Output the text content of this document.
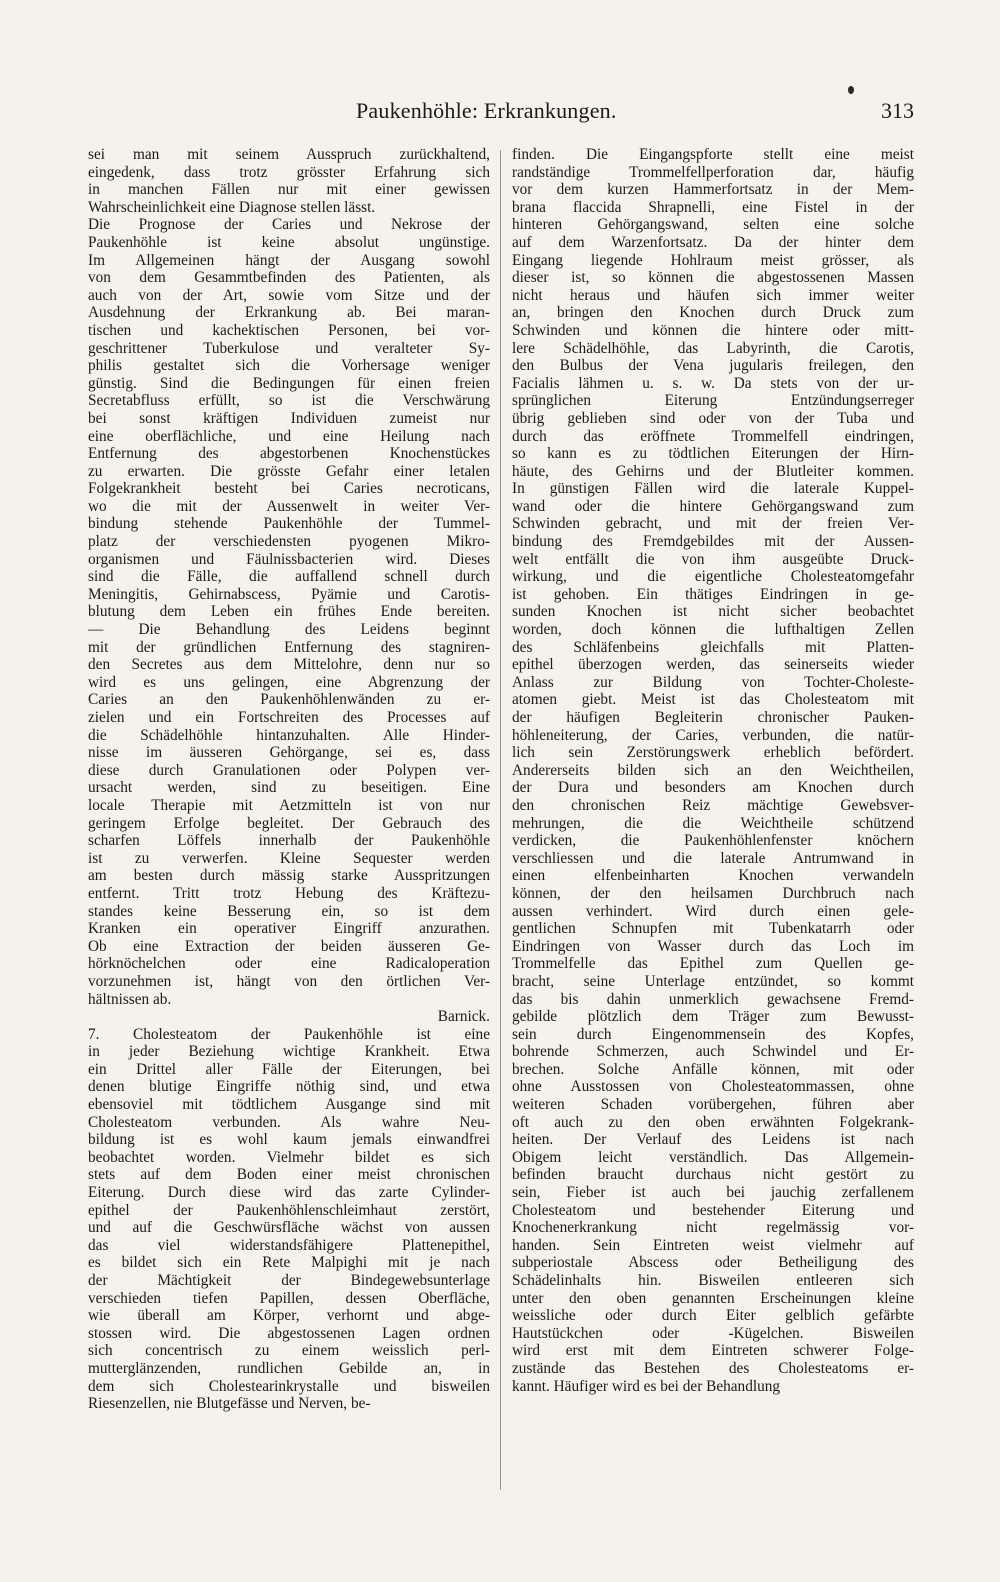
Paukenhöhle: Erkrankungen.	313
sei man mit seinem Ausspruch zurückhaltend,
eingedenk, dass trotz grösster Erfahrung sich
in manchen Fällen nur mit einer gewissen
Wahrscheinlichkeit eine Diagnose stellen lässt.
Die Prognose der Caries und Nekrose der
Paukenhöhle ist keine absolut ungünstige.
Im Allgemeinen hängt der Ausgang sowohl
von dem Gesammtbefinden des Patienten, als
auch von der Art, sowie vom Sitze und der
Ausdehnung der Erkrankung ab. Bei maran-
tischen und kachektischen Personen, bei vor-
geschrittener Tuberkulose und veralteter Sy-
philis gestaltet sich die Vorhersage weniger
günstig. Sind die Bedingungen für einen freien
Secretabfluss erfüllt, so ist die Verschwärung
bei sonst kräftigen Individuen zumeist nur
eine oberflächliche, und eine Heilung nach
Entfernung des abgestorbenen Knochenstückes
zu erwarten. Die grösste Gefahr einer letalen
Folgekrankheit besteht bei Caries necroticans,
wo die mit der Aussenwelt in weiter Ver-
bindung stehende Paukenhöhle der Tummel-
platz der verschiedensten pyogenen Mikro-
organismen und Fäulnissbacterien wird. Dieses
sind die Fälle, die auffallend schnell durch
Meningitis, Gehirnabscess, Pyämie und Carotis-
blutung dem Leben ein frühes Ende bereiten.
— Die Behandlung des Leidens beginnt
mit der gründlichen Entfernung des stagniren-
den Secretes aus dem Mittelohre, denn nur so
wird es uns gelingen, eine Abgrenzung der
Caries an den Paukenhöhlenwänden zu er-
zielen und ein Fortschreiten des Processes auf
die Schädelhöhle hintanzuhalten. Alle Hinder-
nisse im äusseren Gehörgange, sei es, dass
diese durch Granulationen oder Polypen ver-
ursacht werden, sind zu beseitigen. Eine
locale Therapie mit Aetzmitteln ist von nur
geringem Erfolge begleitet. Der Gebrauch des
scharfen Löffels innerhalb der Paukenhöhle
ist zu verwerfen. Kleine Sequester werden
am besten durch mässig starke Ausspritzungen
entfernt. Tritt trotz Hebung des Kräftezu-
standes keine Besserung ein, so ist dem
Kranken ein operativer Eingriff anzurathen.
Ob eine Extraction der beiden äusseren Ge-
hörknöchelchen oder eine Radicaloperation
vorzunehmen ist, hängt von den örtlichen Ver-
hältnissen ab.
Barnick.
7. Cholesteatom der Paukenhöhle ist eine
in jeder Beziehung wichtige Krankheit. Etwa
ein Drittel aller Fälle der Eiterungen, bei
denen blutige Eingriffe nöthig sind, und etwa
ebensoviel mit tödtlichem Ausgange sind mit
Cholesteatom verbunden. Als wahre Neu-
bildung ist es wohl kaum jemals einwandfrei
beobachtet worden. Vielmehr bildet es sich
stets auf dem Boden einer meist chronischen
Eiterung. Durch diese wird das zarte Cylinder-
epithel der Paukenhöhlenschleimhaut zerstört,
und auf die Geschwürsfläche wächst von aussen
das viel widerstandsfähigere Plattenepithel,
es bildet sich ein Rete Malpighi mit je nach
der Mächtigkeit der Bindegewebsunterlage
verschieden tiefen Papillen, dessen Oberfläche,
wie überall am Körper, verhornt und abge-
stossen wird. Die abgestossenen Lagen ordnen
sich concentrisch zu einem weisslich perl-
mutterglänzenden, rundlichen Gebilde an, in
dem sich Cholestearinkrystalle und bisweilen
Riesenzellen, nie Blutgefässe und Nerven, be-
finden. Die Eingangspforte stellt eine meist
randständige Trommelfellperforation dar, häufig
vor dem kurzen Hammerfortsatz in der Mem-
brana flaccida Shrapnelli, eine Fistel in der
hinteren Gehörgangswand, selten eine solche
auf dem Warzenfortsatz. Da der hinter dem
Eingang liegende Hohlraum meist grösser, als
dieser ist, so können die abgestossenen Massen
nicht heraus und häufen sich immer weiter
an, bringen den Knochen durch Druck zum
Schwinden und können die hintere oder mitt-
lere Schädelhöhle, das Labyrinth, die Carotis,
den Bulbus der Vena jugularis freilegen, den
Facialis lähmen u. s. w. Da stets von der ur-
sprünglichen Eiterung Entzündungserreger
übrig geblieben sind oder von der Tuba und
durch das eröffnete Trommelfell eindringen,
so kann es zu tödtlichen Eiterungen der Hirn-
häute, des Gehirns und der Blutleiter kommen.
In günstigen Fällen wird die laterale Kuppel-
wand oder die hintere Gehörgangswand zum
Schwinden gebracht, und mit der freien Ver-
bindung des Fremdgebildes mit der Aussen-
welt entfällt die von ihm ausgeübte Druck-
wirkung, und die eigentliche Cholesteatomgefahr
ist gehoben. Ein thätiges Eindringen in ge-
sunden Knochen ist nicht sicher beobachtet
worden, doch können die lufthaltigen Zellen
des Schläfenbeins gleichfalls mit Platten-
epithel überzogen werden, das seinerseits wieder
Anlass zur Bildung von Tochter-Choleste-
atomen giebt. Meist ist das Cholesteatom mit
der häufigen Begleiterin chronischer Pauken-
höhleneiterung, der Caries, verbunden, die natür-
lich sein Zerstörungswerk erheblich befördert.
Andererseits bilden sich an den Weichtheilen,
der Dura und besonders am Knochen durch
den chronischen Reiz mächtige Gewebsver-
mehrungen, die die Weichtheile schützend
verdicken, die Paukenhöhlenfenster knöchern
verschliessen und die laterale Antrumwand in
einen elfenbeinharten Knochen verwandeln
können, der den heilsamen Durchbruch nach
aussen verhindert. Wird durch einen gele-
gentlichen Schnupfen mit Tubenkatarrh oder
Eindringen von Wasser durch das Loch im
Trommelfelle das Epithel zum Quellen ge-
bracht, seine Unterlage entzündet, so kommt
das bis dahin unmerklich gewachsene Fremd-
gebilde plötzlich dem Träger zum Bewusst-
sein durch Eingenommensein des Kopfes,
bohrende Schmerzen, auch Schwindel und Er-
brechen. Solche Anfälle können, mit oder
ohne Ausstossen von Cholesteatommassen, ohne
weiteren Schaden vorübergehen, führen aber
oft auch zu den oben erwähnten Folgekrank-
heiten. Der Verlauf des Leidens ist nach
Obigem leicht verständlich. Das Allgemein-
befinden braucht durchaus nicht gestört zu
sein, Fieber ist auch bei jauchig zerfallenem
Cholesteatom und bestehender Eiterung und
Knochenerkrankung nicht regelmässig vor-
handen. Sein Eintreten weist vielmehr auf
subperiostale Abscess oder Betheiligung des
Schädelinhalts hin. Bisweilen entleeren sich
unter den oben genannten Erscheinungen kleine
weissliche oder durch Eiter gelblich gefärbte
Hautstückchen oder -Kügelchen. Bisweilen
wird erst mit dem Eintreten schwerer Folge-
zustände das Bestehen des Cholesteatoms er-
kannt. Häufiger wird es bei der Behandlung
